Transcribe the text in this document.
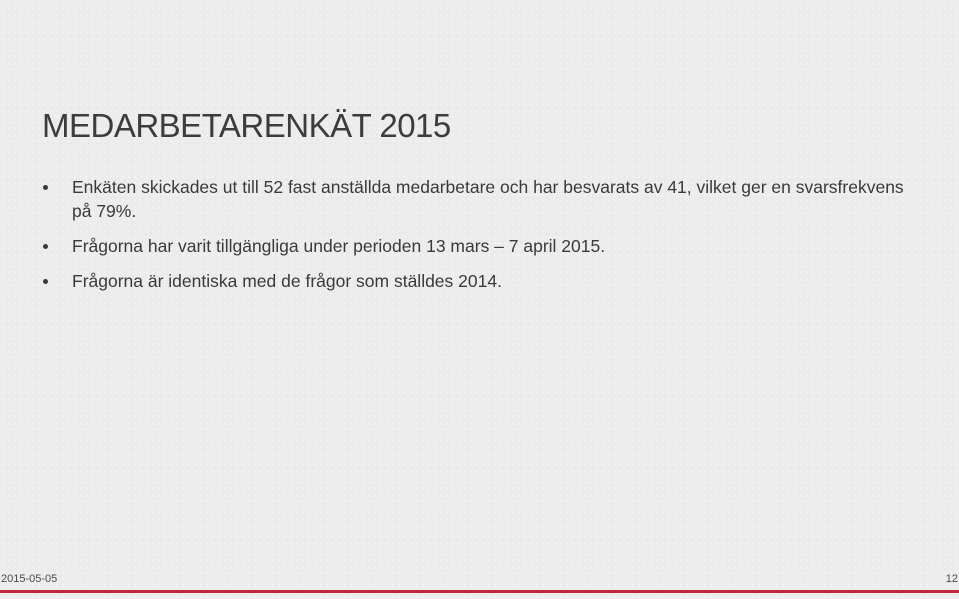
MEDARBETARENKÄT 2015
Enkäten skickades ut till 52 fast anställda medarbetare och har besvarats av 41, vilket ger en svarsfrekvens på 79%.
Frågorna har varit tillgängliga under perioden 13 mars – 7 april 2015.
Frågorna är identiska med de frågor som ställdes 2014.
2015-05-05	12
